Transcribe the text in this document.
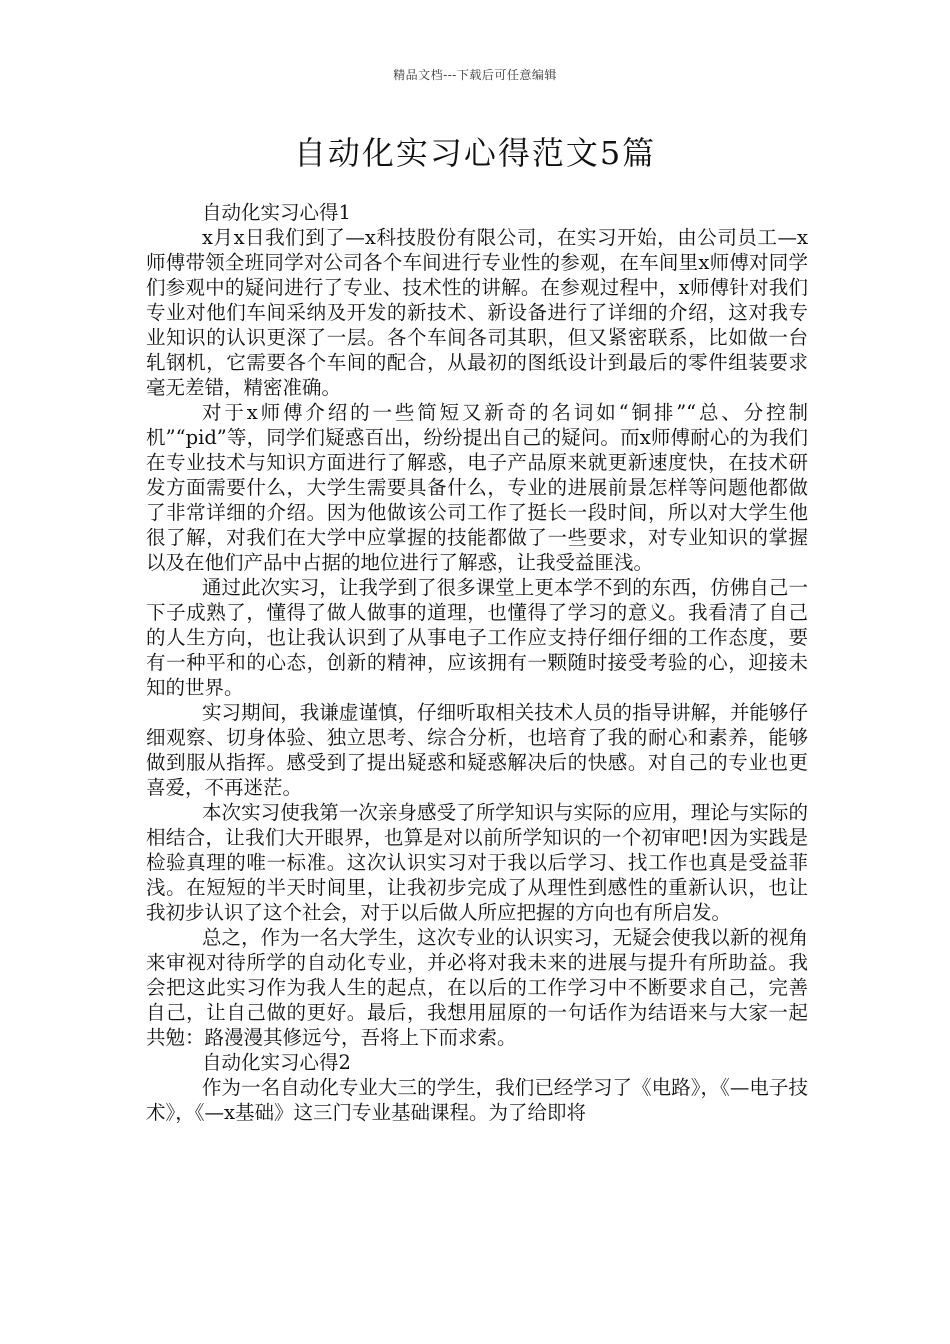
精品文档---下载后可任意编辑
自动化实习心得范文5篇
自动化实习心得1

x月x日我们到了—x科技股份有限公司，在实习开始，由公司员工—x师傅带领全班同学对公司各个车间进行专业性的参观，在车间里x师傅对同学们参观中的疑问进行了专业、技术性的讲解。在参观过程中，x师傅针对我们专业对他们车间采纳及开发的新技术、新设备进行了详细的介绍，这对我专业知识的认识更深了一层。各个车间各司其职，但又紧密联系，比如做一台轧钢机，它需要各个车间的配合，从最初的图纸设计到最后的零件组装要求毫无差错，精密准确。

对于x师傅介绍的一些简短又新奇的名词如“铜排”“总、分控制机”“pid”等，同学们疑惑百出，纷纷提出自己的疑问。而x师傅耐心的为我们在专业技术与知识方面进行了解惑，电子产品原来就更新速度快，在技术研发方面需要什么，大学生需要具备什么，专业的进展前景怎样等问题他都做了非常详细的介绍。因为他做该公司工作了挺长一段时间，所以对大学生他很了解，对我们在大学中应掌握的技能都做了一些要求，对专业知识的掌握以及在他们产品中占据的地位进行了解惑，让我受益匪浅。

通过此次实习，让我学到了很多课堂上更本学不到的东西，仿佛自己一下子成熟了，懂得了做人做事的道理，也懂得了学习的意义。我看清了自己的人生方向，也让我认识到了从事电子工作应支持仔细仔细的工作态度，要有一种平和的心态，创新的精神，应该拥有一颗随时接受考验的心，迎接未知的世界。

实习期间，我谦虚谨慎，仔细听取相关技术人员的指导讲解，并能够仔细观察、切身体验、独立思考、综合分析，也培育了我的耐心和素养，能够做到服从指挥。感受到了提出疑惑和疑惑解决后的快感。对自己的专业也更喜爱，不再迷茫。

本次实习使我第一次亲身感受了所学知识与实际的应用，理论与实际的相结合，让我们大开眼界，也算是对以前所学知识的一个初审吧!因为实践是检验真理的唯一标准。这次认识实习对于我以后学习、找工作也真是受益菲浅。在短短的半天时间里，让我初步完成了从理性到感性的重新认识，也让我初步认识了这个社会，对于以后做人所应把握的方向也有所启发。

总之，作为一名大学生，这次专业的认识实习，无疑会使我以新的视角来审视对待所学的自动化专业，并必将对我未来的进展与提升有所助益。我会把这此实习作为我人生的起点，在以后的工作学习中不断要求自己，完善自己，让自己做的更好。最后，我想用屈原的一句话作为结语来与大家一起共勉：路漫漫其修远兮，吾将上下而求索。

自动化实习心得2

作为一名自动化专业大三的学生，我们已经学习了《电路》，《—电子技术》，《—x基础》这三门专业基础课程。为了给即将
